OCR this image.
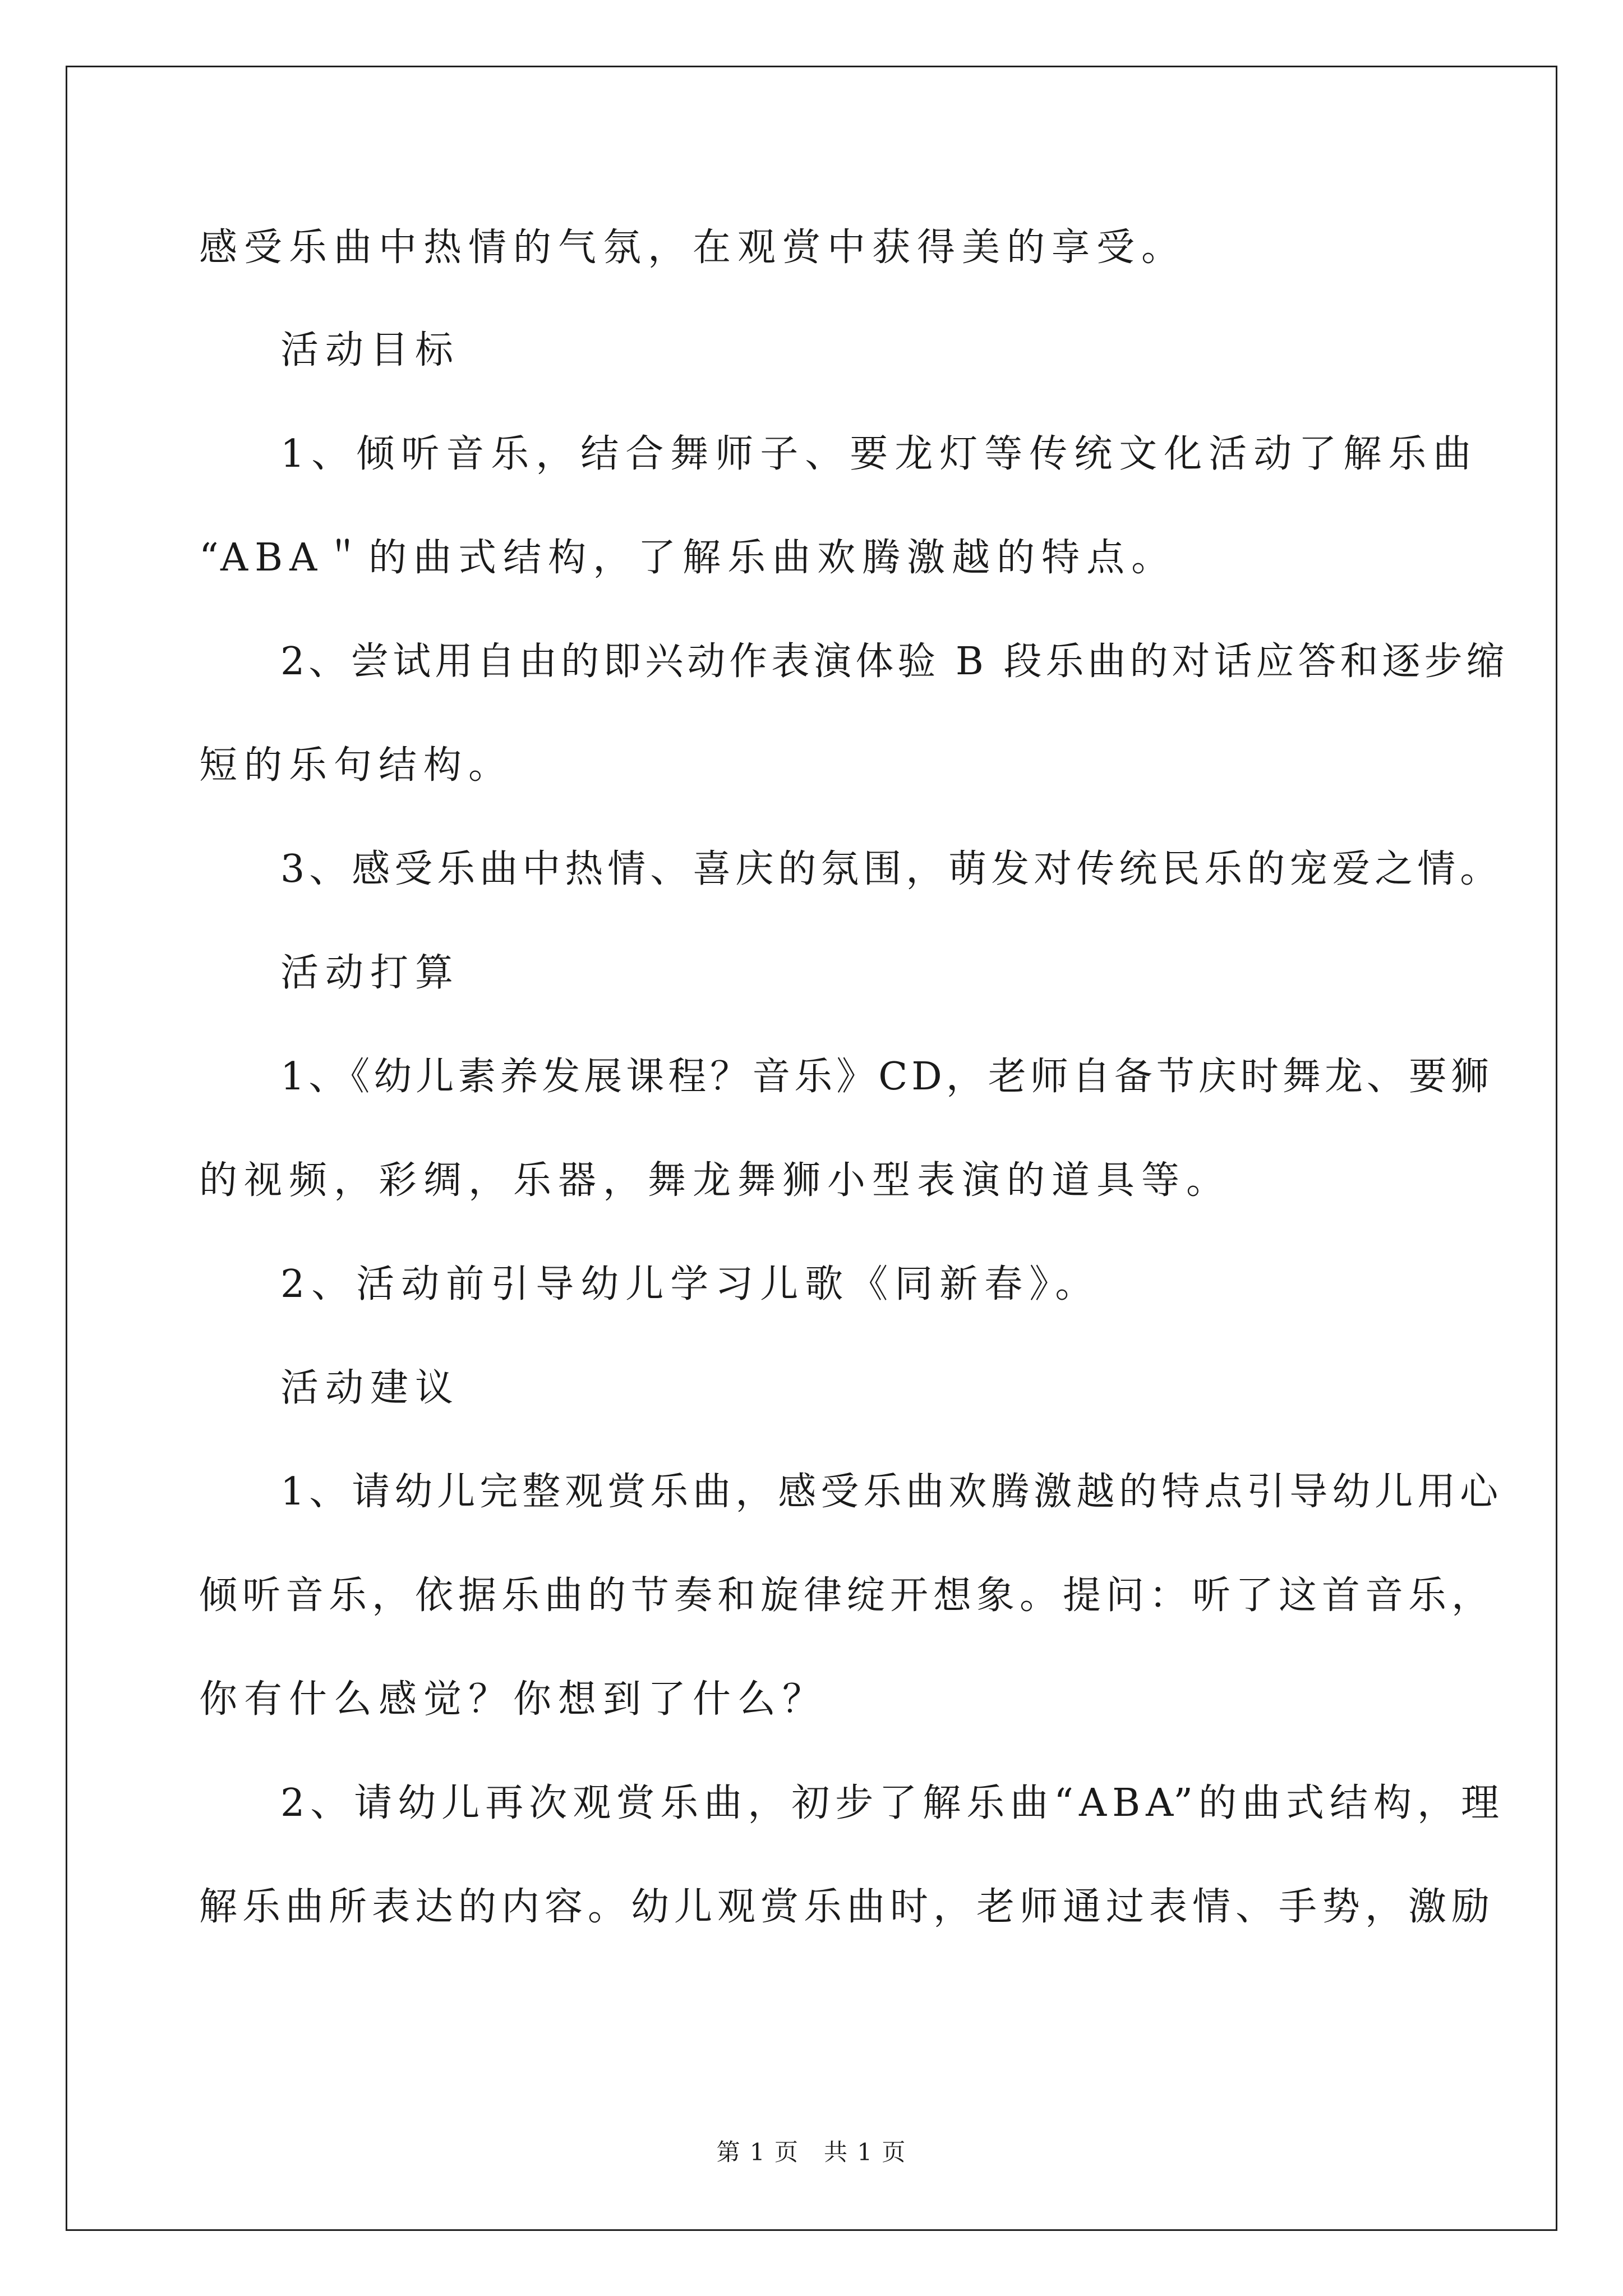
感受乐曲中热情的气氛，在观赏中获得美的享受。
活动目标
1、倾听音乐，结合舞师子、要龙灯等传统文化活动了解乐曲
“ABA＂的曲式结构，了解乐曲欢腾激越的特点。
2、尝试用自由的即兴动作表演体验 B 段乐曲的对话应答和逐步缩
短的乐句结构。
3、感受乐曲中热情、喜庆的氛围，萌发对传统民乐的宠爱之情。
活动打算
1、《幼儿素养发展课程？音乐》CD，老师自备节庆时舞龙、要狮
的视频，彩绸，乐器，舞龙舞狮小型表演的道具等。
2、活动前引导幼儿学习儿歌《同新春》。
活动建议
1、请幼儿完整观赏乐曲，感受乐曲欢腾激越的特点引导幼儿用心
倾听音乐，依据乐曲的节奏和旋律绽开想象。提问：听了这首音乐，
你有什么感觉？你想到了什么？
2、请幼儿再次观赏乐曲，初步了解乐曲“ABA”的曲式结构，理
解乐曲所表达的内容。幼儿观赏乐曲时，老师通过表情、手势，激励
第 1 页　共 1 页
